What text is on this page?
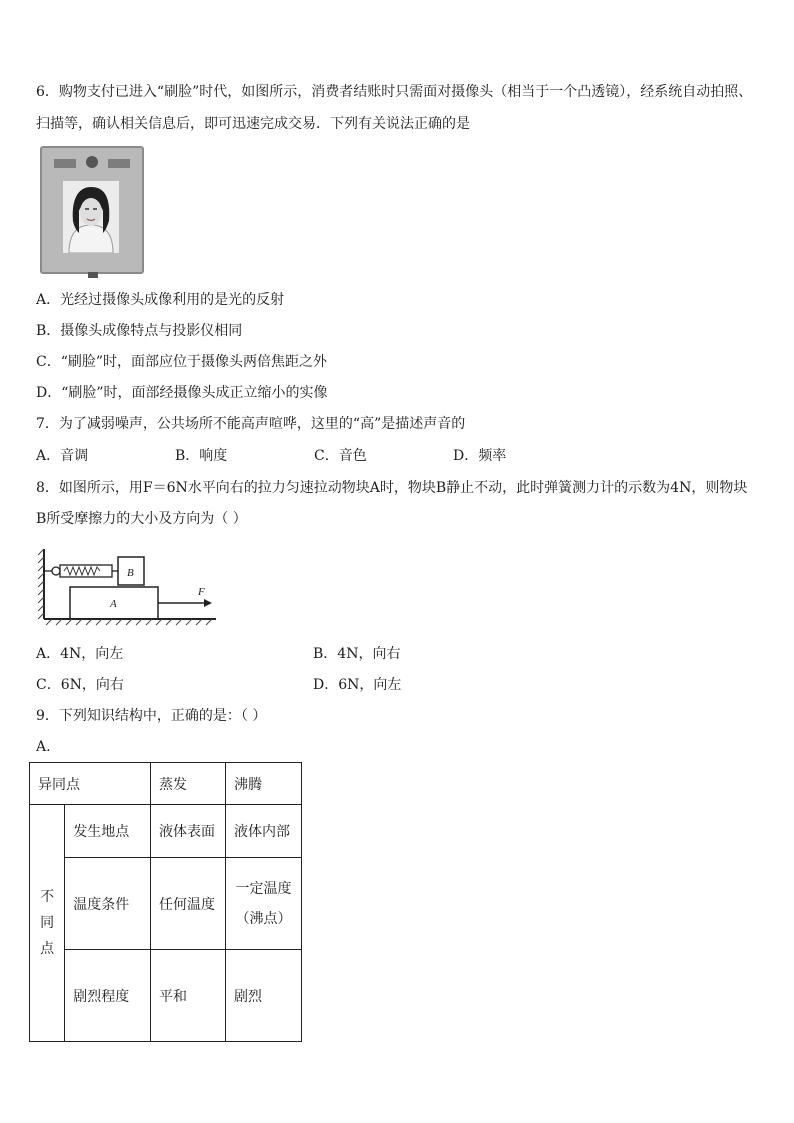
6．购物支付已进入“刷脸”时代，如图所示，消费者结账时只需面对摄像头（相当于一个凸透镜），经系统自动拍照、
扫描等，确认相关信息后，即可迅速完成交易．下列有关说法正确的是
A．光经过摄像头成像利用的是光的反射
B．摄像头成像特点与投影仪相同
C．“刷脸”时，面部应位于摄像头两倍焦距之外
D．“刷脸”时，面部经摄像头成正立缩小的实像
7．为了减弱噪声，公共场所不能高声喧哗，这里的“高”是描述声音的
A．音调	B．响度	C．音色	D．频率
8．如图所示，用F＝6N水平向右的拉力匀速拉动物块A时，物块B静止不动，此时弹簧测力计的示数为4N，则物块
B所受摩擦力的大小及方向为（ ）
B
A
F
A．4N，向左	B．4N，向右
C．6N，向右	D．6N，向左
9．下列知识结构中，正确的是：（ ）
A.
异同点		蒸发	沸腾
不同点	发生地点	液体表面	液体内部
	温度条件	任何温度	一定温度（沸点）
	剧烈程度	平和	剧烈
